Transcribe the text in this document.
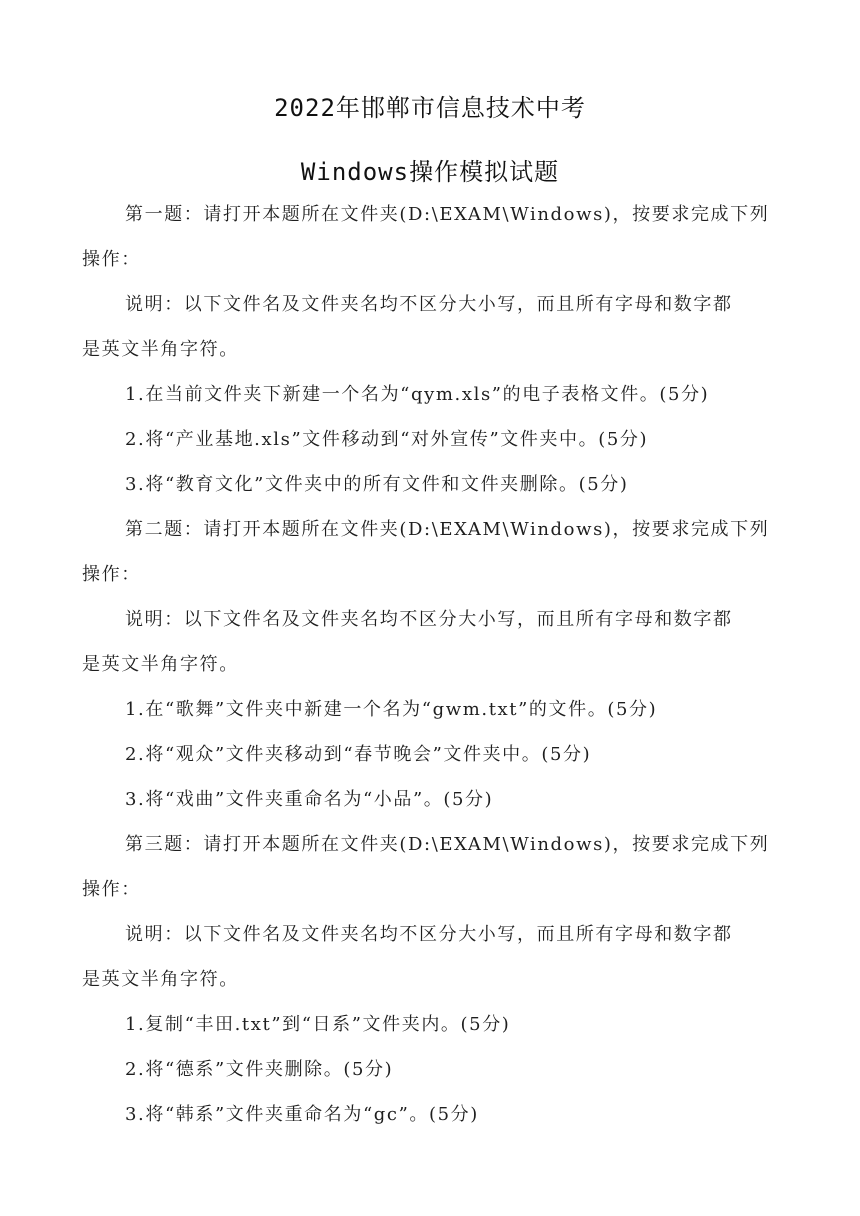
2022年邯郸市信息技术中考
Windows操作模拟试题
第一题：请打开本题所在文件夹(D:\EXAM\Windows)，按要求完成下列
操作：
说明：以下文件名及文件夹名均不区分大小写，而且所有字母和数字都
是英文半角字符。
1.在当前文件夹下新建一个名为“qym.xls”的电子表格文件。(5分)
2.将“产业基地.xls”文件移动到“对外宣传”文件夹中。(5分)
3.将“教育文化”文件夹中的所有文件和文件夹删除。(5分)
第二题：请打开本题所在文件夹(D:\EXAM\Windows)，按要求完成下列
操作：
说明：以下文件名及文件夹名均不区分大小写，而且所有字母和数字都
是英文半角字符。
1.在“歌舞”文件夹中新建一个名为“gwm.txt”的文件。(5分)
2.将“观众”文件夹移动到“春节晚会”文件夹中。(5分)
3.将“戏曲”文件夹重命名为“小品”。(5分)
第三题：请打开本题所在文件夹(D:\EXAM\Windows)，按要求完成下列
操作：
说明：以下文件名及文件夹名均不区分大小写，而且所有字母和数字都
是英文半角字符。
1.复制“丰田.txt”到“日系”文件夹内。(5分)
2.将“德系”文件夹删除。(5分)
3.将“韩系”文件夹重命名为“gc”。(5分)
